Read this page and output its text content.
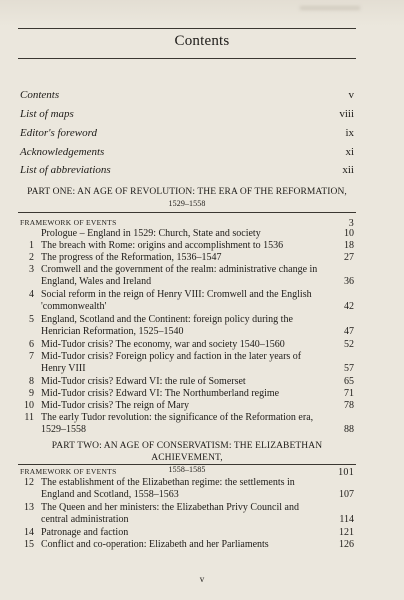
Contents
Contents	v
List of maps	viii
Editor's foreword	ix
Acknowledgements	xi
List of abbreviations	xii
PART ONE: AN AGE OF REVOLUTION: THE ERA OF THE REFORMATION,
1529–1558
FRAMEWORK OF EVENTS	3
Prologue – England in 1529: Church, State and society	10
1 The breach with Rome: origins and accomplishment to 1536	18
2 The progress of the Reformation, 1536–1547	27
3 Cromwell and the government of the realm: administrative change in England, Wales and Ireland	36
4 Social reform in the reign of Henry VIII: Cromwell and the English 'commonwealth'	42
5 England, Scotland and the Continent: foreign policy during the Henrician Reformation, 1525–1540	47
6 Mid-Tudor crisis? The economy, war and society 1540–1560	52
7 Mid-Tudor crisis? Foreign policy and faction in the later years of Henry VIII	57
8 Mid-Tudor crisis? Edward VI: the rule of Somerset	65
9 Mid-Tudor crisis? Edward VI: The Northumberland regime	71
10 Mid-Tudor crisis? The reign of Mary	78
11 The early Tudor revolution: the significance of the Reformation era, 1529–1558	88
PART TWO: AN AGE OF CONSERVATISM: THE ELIZABETHAN ACHIEVEMENT,
1558–1585
FRAMEWORK OF EVENTS	101
12 The establishment of the Elizabethan regime: the settlements in England and Scotland, 1558–1563	107
13 The Queen and her ministers: the Elizabethan Privy Council and central administration	114
14 Patronage and faction	121
15 Conflict and co-operation: Elizabeth and her Parliaments	126
v
